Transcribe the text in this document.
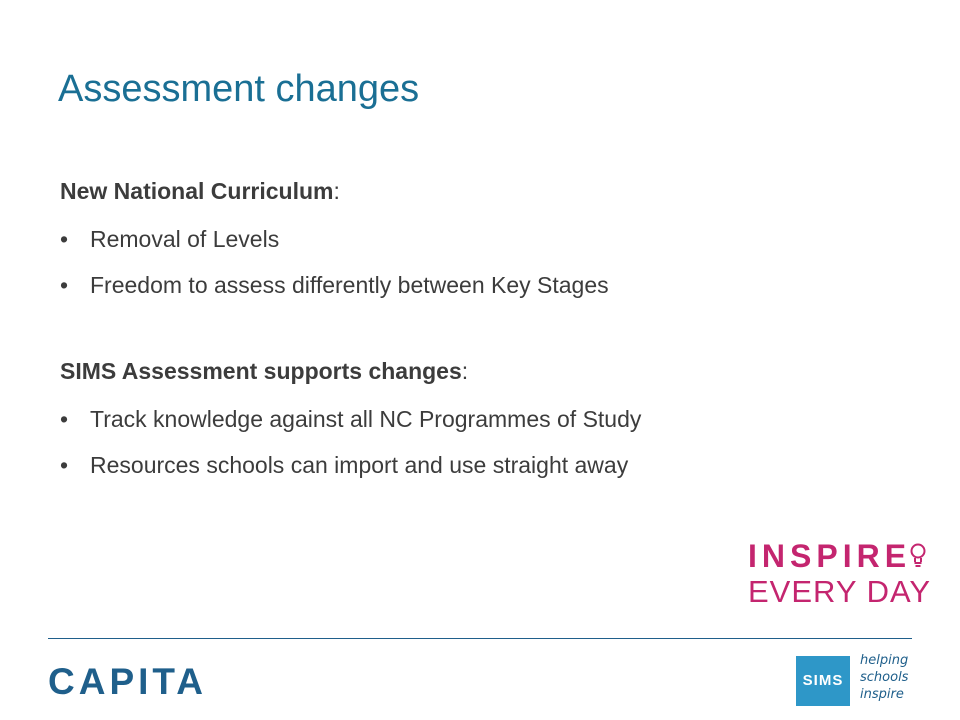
Assessment changes

New National Curriculum:

• Removal of Levels
• Freedom to assess differently between Key Stages

SIMS Assessment supports changes:

• Track knowledge against all NC Programmes of Study
• Resources schools can import and use straight away
INSPIRE
EVERY DAY
CAPITA	SIMS
helping
schools
inspire
